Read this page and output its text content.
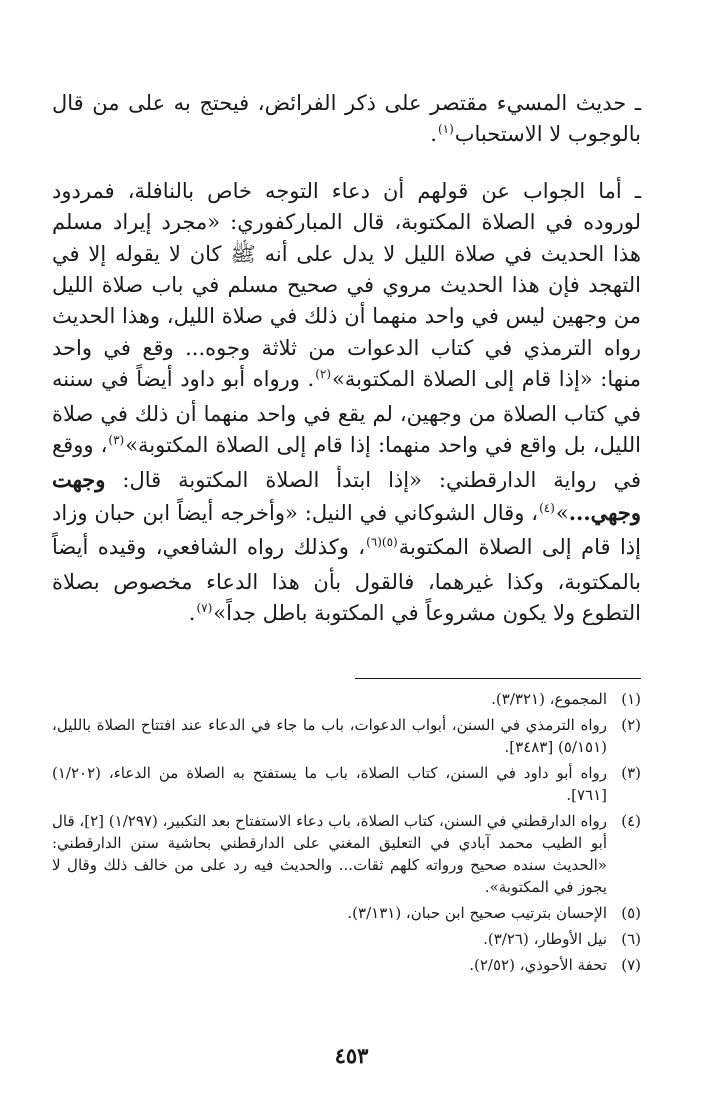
ـ حديث المسيء مقتصر على ذكر الفرائض، فيحتج به على من قال بالوجوب لا الاستحباب$^{(١)}$.

ـ أما الجواب عن قولهم أن دعاء التوجه خاص بالنافلة، فمردود لوروده في الصلاة المكتوبة، قال المباركفوري: «مجرد إيراد مسلم هذا الحديث في صلاة الليل لا يدل على أنه ﷺ كان لا يقوله إلا في التهجد فإن هذا الحديث مروي في صحيح مسلم في باب صلاة الليل من وجهين ليس في واحد منهما أن ذلك في صلاة الليل، وهذا الحديث رواه الترمذي في كتاب الدعوات من ثلاثة وجوه... وقع في واحد منها: «إذا قام إلى الصلاة المكتوبة»$^{(٢)}$. ورواه أبو داود أيضاً في سننه في كتاب الصلاة من وجهين، لم يقع في واحد منهما أن ذلك في صلاة الليل، بل واقع في واحد منهما: إذا قام إلى الصلاة المكتوبة»$^{(٣)}$، ووقع في رواية الدارقطني: «إذا ابتدأ الصلاة المكتوبة قال: وجهت وجهي...»$^{(٤)}$، وقال الشوكاني في النيل: «وأخرجه أيضاً ابن حبان وزاد إذا قام إلى الصلاة المكتوبة$^{(٥)(٦)}$، وكذلك رواه الشافعي، وقيده أيضاً بالمكتوبة، وكذا غيرهما، فالقول بأن هذا الدعاء مخصوص بصلاة التطوع ولا يكون مشروعاً في المكتوبة باطل جداً»$^{(٧)}$.

(١)
المجموع، (٣/٣٢١).
(٢)
رواه الترمذي في السنن، أبواب الدعوات، باب ما جاء في الدعاء عند افتتاح الصلاة بالليل، (٥/١٥١) [٣٤٨٣].
(٣)
رواه أبو داود في السنن، كتاب الصلاة، باب ما يستفتح به الصلاة من الدعاء، (١/٢٠٢) [٧٦١].
(٤)
رواه الدارقطني في السنن، كتاب الصلاة، باب دعاء الاستفتاح بعد التكبير، (١/٢٩٧) [٢]، قال أبو الطيب محمد آبادي في التعليق المغني على الدارقطني بحاشية سنن الدارقطني: «الحديث سنده صحيح ورواته كلهم ثقات... والحديث فيه رد على من خالف ذلك وقال لا يجوز في المكتوبة».
(٥)
الإحسان بترتيب صحيح ابن حبان، (٣/١٣١).
(٦)
نيل الأوطار، (٣/٢٦).
(٧)
تحفة الأحوذي، (٢/٥٢).
٤٥٣
